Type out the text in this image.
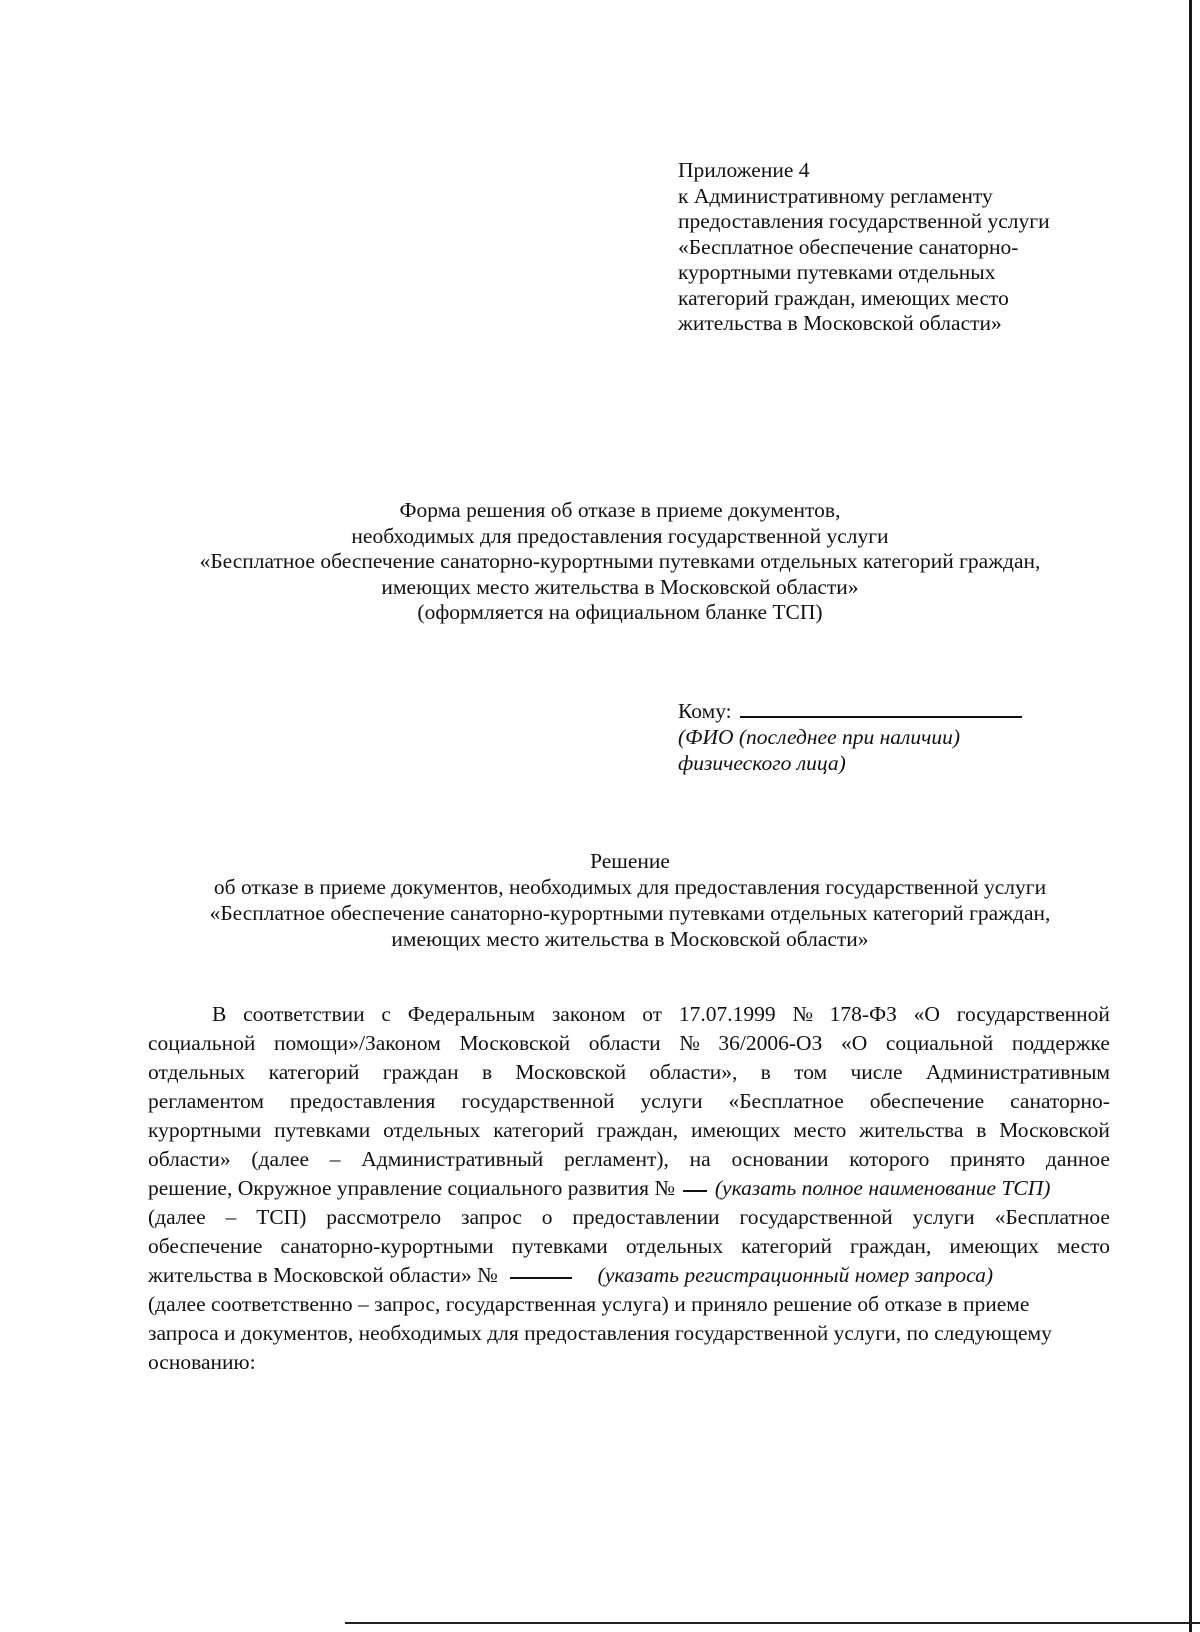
Приложение 4
к Административному регламенту
предоставления государственной услуги
«Бесплатное обеспечение санаторно-
курортными путевками отдельных
категорий граждан, имеющих место
жительства в Московской области»
Форма решения об отказе в приеме документов,
необходимых для предоставления государственной услуги
«Бесплатное обеспечение санаторно-курортными путевками отдельных категорий граждан,
имеющих место жительства в Московской области»
(оформляется на официальном бланке ТСП)
Кому:
(ФИО (последнее при наличии)
физического лица)
Решение
об отказе в приеме документов, необходимых для предоставления государственной услуги
«Бесплатное обеспечение санаторно-курортными путевками отдельных категорий граждан,
имеющих место жительства в Московской области»
В соответствии с Федеральным законом от 17.07.1999 № 178-ФЗ «О государственной
социальной помощи»/Законом Московской области № 36/2006-ОЗ «О социальной поддержке
отдельных категорий граждан в Московской области», в том числе Административным
регламентом предоставления государственной услуги «Бесплатное обеспечение санаторно-
курортными путевками отдельных категорий граждан, имеющих место жительства в Московской
области» (далее – Административный регламент), на основании которого принято данное
решение, Окружное управление социального развития № (указать полное наименование ТСП)
(далее – ТСП) рассмотрело запрос о предоставлении государственной услуги «Бесплатное
обеспечение санаторно-курортными путевками отдельных категорий граждан, имеющих место
жительства в Московской области» №	(указать регистрационный номер запроса)
(далее соответственно – запрос, государственная услуга) и приняло решение об отказе в приеме
запроса и документов, необходимых для предоставления государственной услуги, по следующему
основанию:
